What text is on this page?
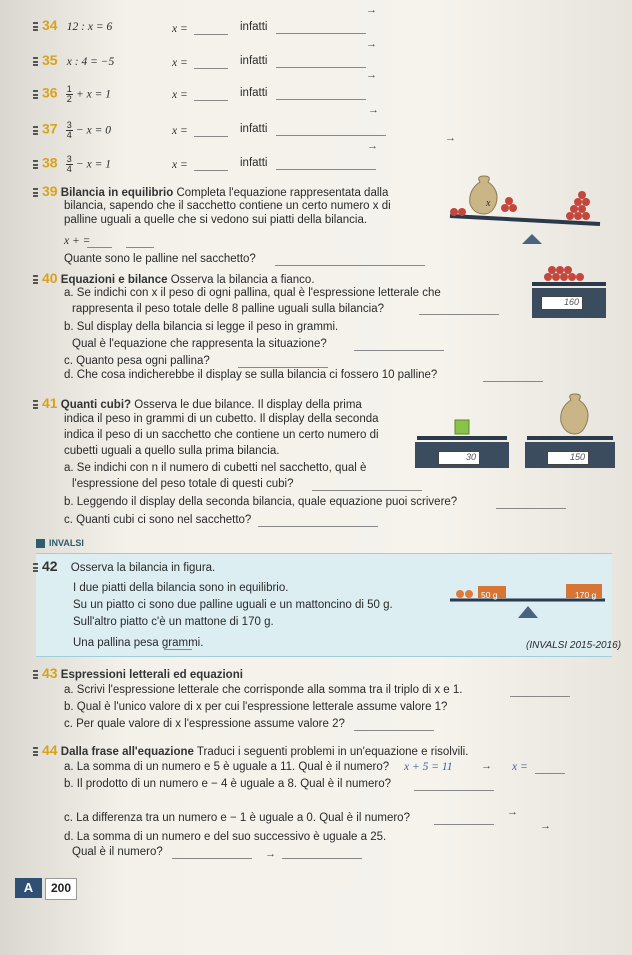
34 12 : x = 6	x =	infatti
→
35 x : 4 = −5	x =	infatti
→
$36 \frac{1}{2} + x = 1$	x =	infatti
→
$37 \frac{3}{4} - x = 0$	x =	infatti
→
→
$38 \frac{3}{4} - x = 1$	x =	infatti
→
39 Bilancia in equilibrio Completa l'equazione rappresentata dalla
bilancia, sapendo che il sacchetto contiene un certo numero x di
palline uguali a quelle che si vedono sui piatti della bilancia.
x + =
Quante sono le palline nel sacchetto?
x
40 Equazioni e bilance Osserva la bilancia a fianco.
a. Se indichi con x il peso di ogni pallina, qual è l'espressione letterale che
rappresenta il peso totale delle 8 palline uguali sulla bilancia?
b. Sul display della bilancia si legge il peso in grammi.
Qual è l'equazione che rappresenta la situazione?
c. Quanto pesa ogni pallina?
d. Che cosa indicherebbe il display se sulla bilancia ci fossero 10 palline?
160
41 Quanti cubi? Osserva le due bilance. Il display della prima
indica il peso in grammi di un cubetto. Il display della seconda
indica il peso di un sacchetto che contiene un certo numero di
cubetti uguali a quello sulla prima bilancia.
a. Se indichi con n il numero di cubetti nel sacchetto, qual è
l'espressione del peso totale di questi cubi?
b. Leggendo il display della seconda bilancia, quale equazione puoi scrivere?
c. Quanti cubi ci sono nel sacchetto?
30	150
INVALSI
42 Osserva la bilancia in figura.
I due piatti della bilancia sono in equilibrio.
Su un piatto ci sono due palline uguali e un mattoncino di 50 g.
Sull'altro piatto c'è un mattone di 170 g.
Una pallina pesa grammi.	(INVALSI 2015-2016)
50 g	170 g
43 Espressioni letterali ed equazioni
a. Scrivi l'espressione letterale che corrisponde alla somma tra il triplo di x e 1.
b. Qual è l'unico valore di x per cui l'espressione letterale assume valore 1?
c. Per quale valore di x l'espressione assume valore 2?
44 Dalla frase all'equazione Traduci i seguenti problemi in un'equazione e risolvili.
a. La somma di un numero e 5 è uguale a 11. Qual è il numero? x + 5 = 11	→ x =
b. Il prodotto di un numero e − 4 è uguale a 8. Qual è il numero?
→
c. La differenza tra un numero e − 1 è uguale a 0. Qual è il numero?
→
d. La somma di un numero e del suo successivo è uguale a 25.
Qual è il numero?	→
A	200
